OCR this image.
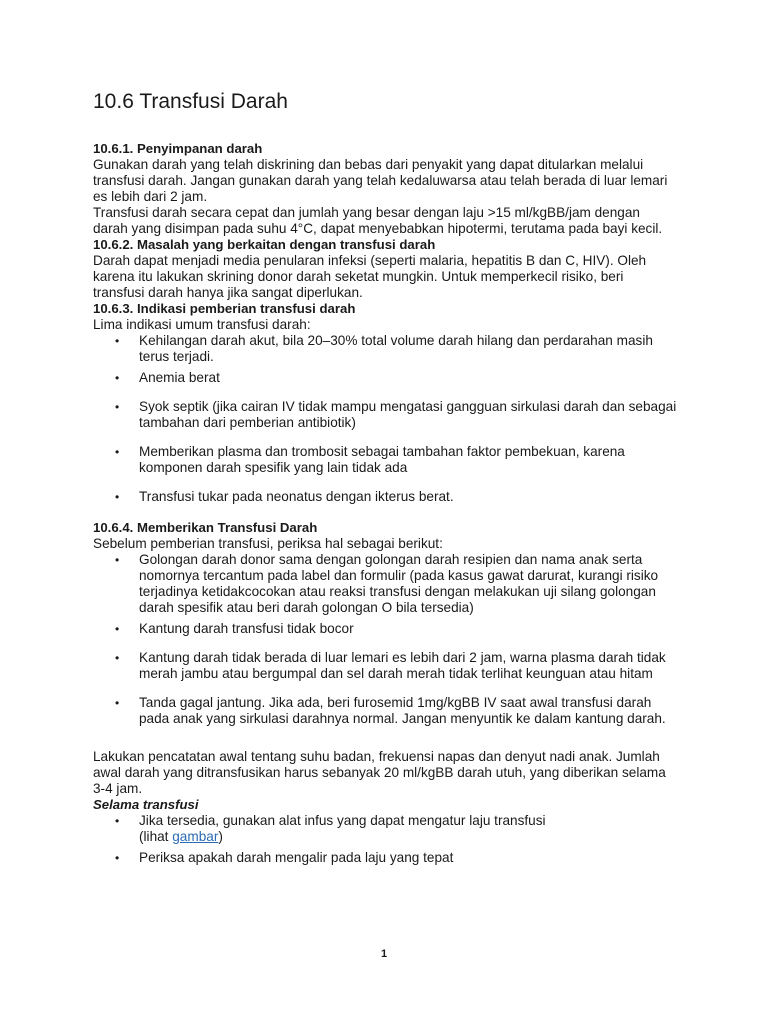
10.6 Transfusi Darah
10.6.1. Penyimpanan darah

Gunakan darah yang telah diskrining dan bebas dari penyakit yang dapat ditularkan melalui transfusi darah. Jangan gunakan darah yang telah kedaluwarsa atau telah berada di luar lemari es lebih dari 2 jam.

Transfusi darah secara cepat dan jumlah yang besar dengan laju >15 ml/kgBB/jam dengan darah yang disimpan pada suhu 4°C, dapat menyebabkan hipotermi, terutama pada bayi kecil.

10.6.2. Masalah yang berkaitan dengan transfusi darah

Darah dapat menjadi media penularan infeksi (seperti malaria, hepatitis B dan C, HIV). Oleh karena itu lakukan skrining donor darah seketat mungkin. Untuk memperkecil risiko, beri transfusi darah hanya jika sangat diperlukan.

10.6.3. Indikasi pemberian transfusi darah

Lima indikasi umum transfusi darah:

• Kehilangan darah akut, bila 20–30% total volume darah hilang dan perdarahan masih terus terjadi.
• Anemia berat
• Syok septik (jika cairan IV tidak mampu mengatasi gangguan sirkulasi darah dan sebagai tambahan dari pemberian antibiotik)
• Memberikan plasma dan trombosit sebagai tambahan faktor pembekuan, karena komponen darah spesifik yang lain tidak ada
• Transfusi tukar pada neonatus dengan ikterus berat.
10.6.4. Memberikan Transfusi Darah

Sebelum pemberian transfusi, periksa hal sebagai berikut:

• Golongan darah donor sama dengan golongan darah resipien dan nama anak serta nomornya tercantum pada label dan formulir (pada kasus gawat darurat, kurangi risiko terjadinya ketidakcocokan atau reaksi transfusi dengan melakukan uji silang golongan darah spesifik atau beri darah golongan O bila tersedia)
• Kantung darah transfusi tidak bocor
• Kantung darah tidak berada di luar lemari es lebih dari 2 jam, warna plasma darah tidak merah jambu atau bergumpal dan sel darah merah tidak terlihat keunguan atau hitam
• Tanda gagal jantung. Jika ada, beri furosemid 1mg/kgBB IV saat awal transfusi darah pada anak yang sirkulasi darahnya normal. Jangan menyuntik ke dalam kantung darah.

Lakukan pencatatan awal tentang suhu badan, frekuensi napas dan denyut nadi anak. Jumlah awal darah yang ditransfusikan harus sebanyak 20 ml/kgBB darah utuh, yang diberikan selama 3-4 jam.

Selama transfusi
• Jika tersedia, gunakan alat infus yang dapat mengatur laju transfusi
(lihat gambar)
• Periksa apakah darah mengalir pada laju yang tepat
1
